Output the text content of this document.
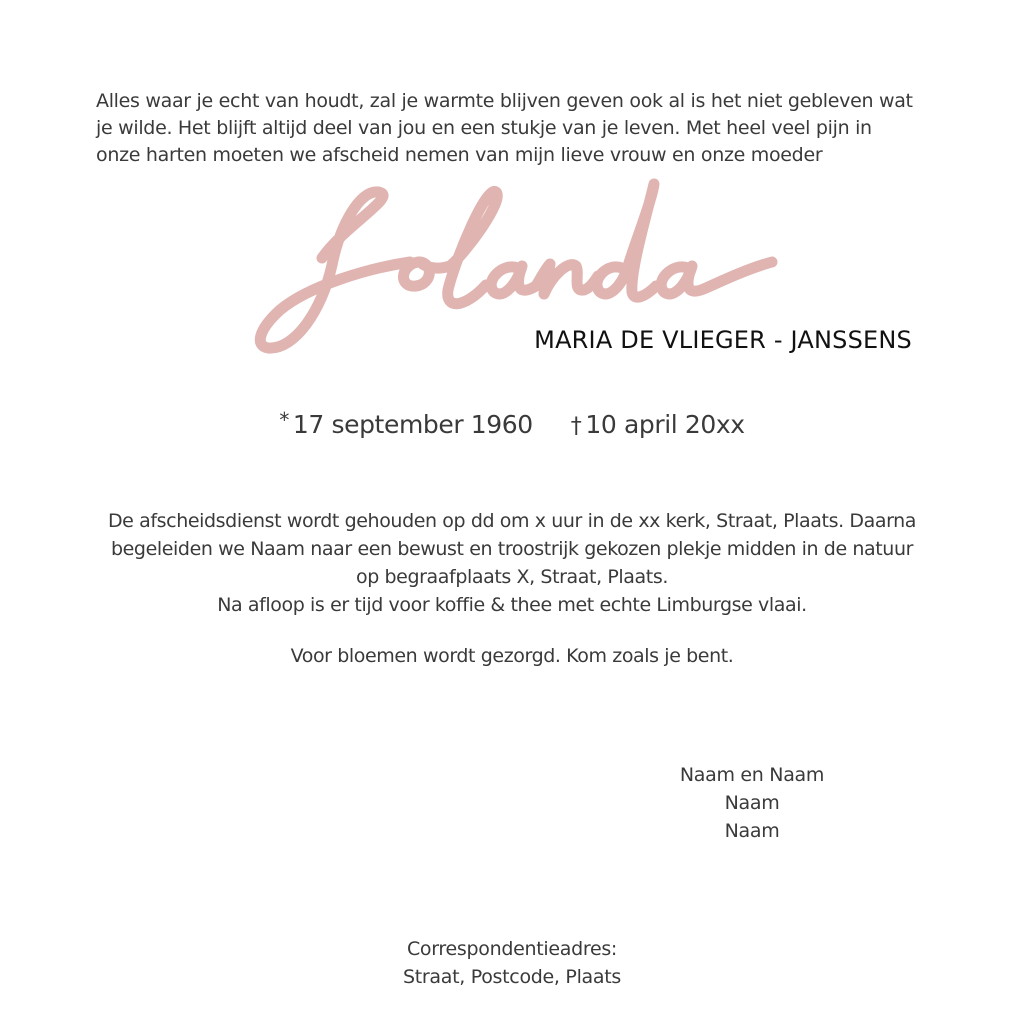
Alles waar je echt van houdt, zal je warmte blijven geven ook al is het niet gebleven wat
je wilde. Het blijft altijd deel van jou en een stukje van je leven. Met heel veel pijn in
onze harten moeten we afscheid nemen van mijn lieve vrouw en onze moeder
MARIA DE VLIEGER - JANSSENS
* 17 september 1960 † 10 april 20xx
De afscheidsdienst wordt gehouden op dd om x uur in de xx kerk, Straat, Plaats. Daarna
begeleiden we Naam naar een bewust en troostrijk gekozen plekje midden in de natuur
op begraafplaats X, Straat, Plaats.
Na afloop is er tijd voor koffie & thee met echte Limburgse vlaai.
Voor bloemen wordt gezorgd. Kom zoals je bent.
Naam en Naam
Naam
Naam
Correspondentieadres:
Straat, Postcode, Plaats
